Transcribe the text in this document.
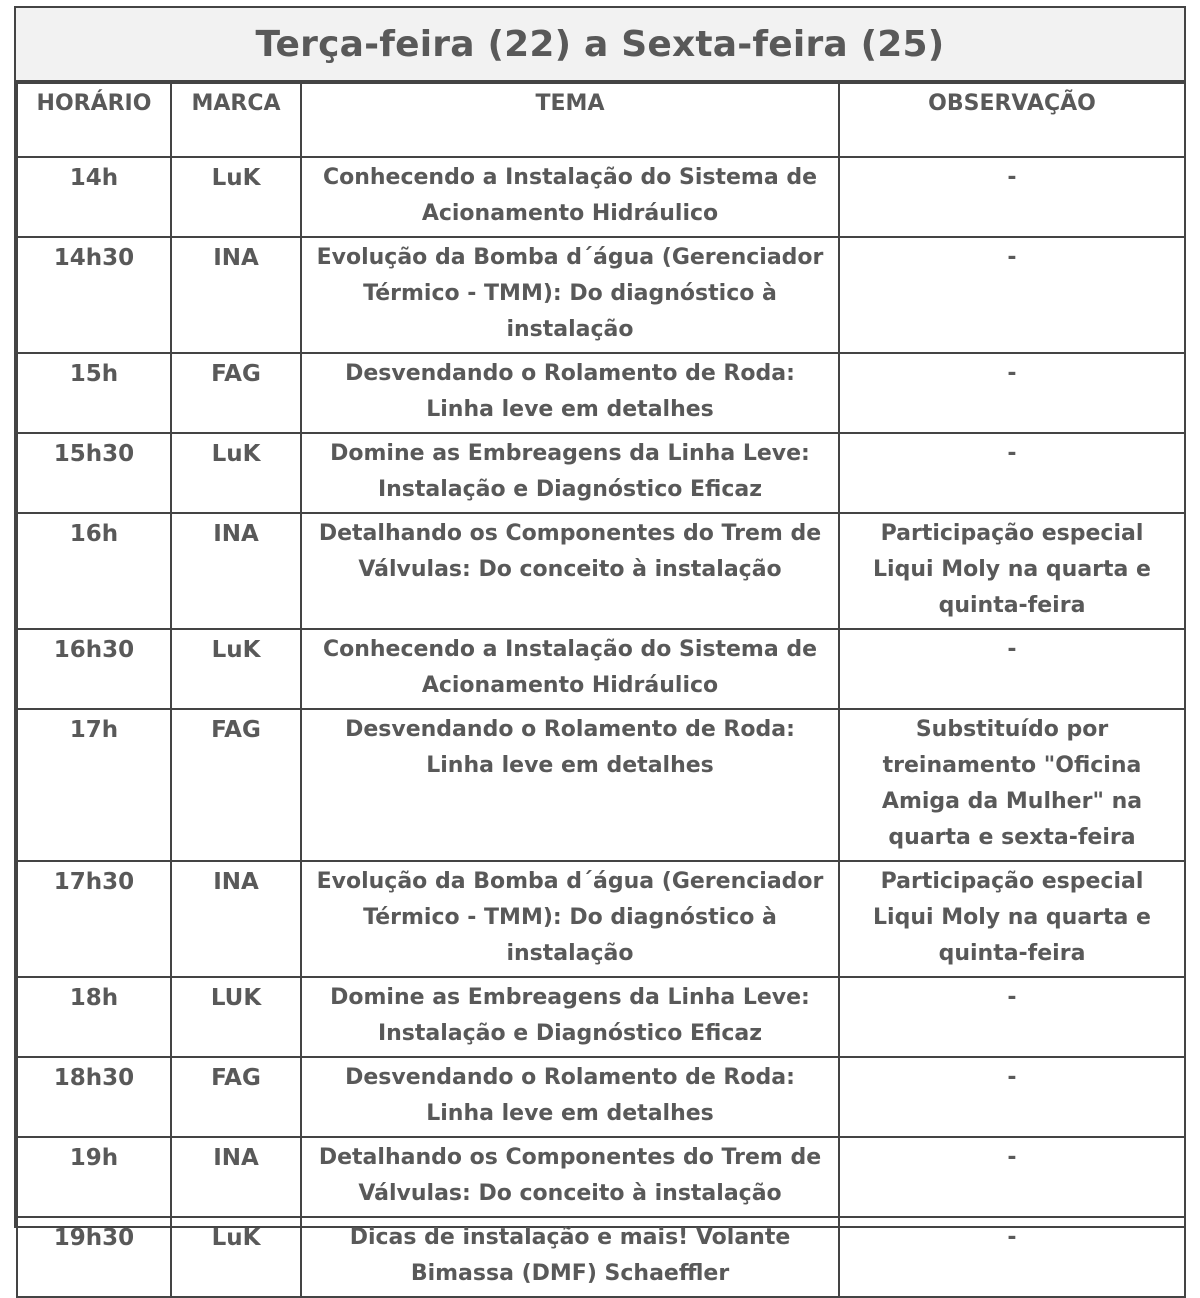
Terça-feira (22) a Sexta-feira (25)
HORÁRIO	MARCA	TEMA	OBSERVAÇÃO
14h	LuK	Conhecendo a Instalação do Sistema de Acionamento Hidráulico	-
14h30	INA	Evolução da Bomba d´água (Gerenciador Térmico - TMM): Do diagnóstico à instalação	-
15h	FAG	Desvendando o Rolamento de Roda: Linha leve em detalhes	-
15h30	LuK	Domine as Embreagens da Linha Leve: Instalação e Diagnóstico Eficaz	-
16h	INA	Detalhando os Componentes do Trem de Válvulas: Do conceito à instalação	Participação especial Liqui Moly na quarta e quinta-feira
16h30	LuK	Conhecendo a Instalação do Sistema de Acionamento Hidráulico	-
17h	FAG	Desvendando o Rolamento de Roda: Linha leve em detalhes	Substituído por treinamento "Oficina Amiga da Mulher" na quarta e sexta-feira
17h30	INA	Evolução da Bomba d´água (Gerenciador Térmico - TMM): Do diagnóstico à instalação	Participação especial Liqui Moly na quarta e quinta-feira
18h	LUK	Domine as Embreagens da Linha Leve: Instalação e Diagnóstico Eficaz	-
18h30	FAG	Desvendando o Rolamento de Roda: Linha leve em detalhes	-
19h	INA	Detalhando os Componentes do Trem de Válvulas: Do conceito à instalação	-
19h30	LuK	Dicas de instalação e mais! Volante Bimassa (DMF) Schaeffler	-
